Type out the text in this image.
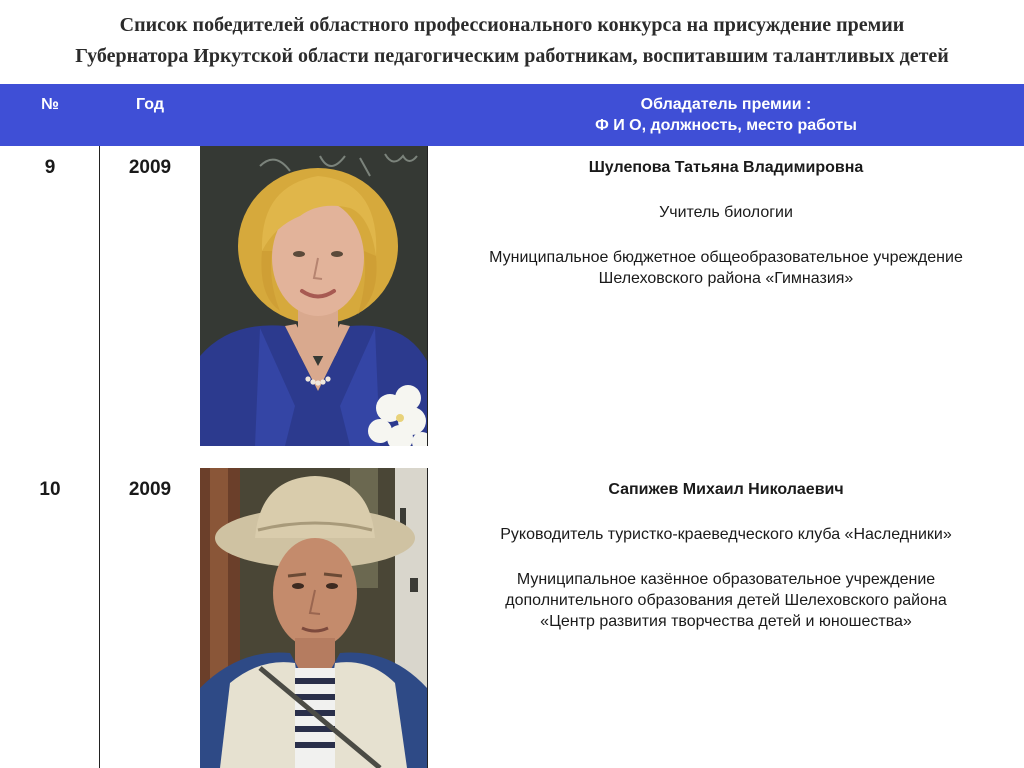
Список победителей областного профессионального конкурса на присуждение премии
Губернатора Иркутской области педагогическим работникам, воспитавшим талантливых детей
№	Год	Обладатель премии :
Ф И О, должность, место работы
9	2009	Шулепова Татьяна Владимировна
Учитель биологии
Муниципальное бюджетное общеобразовательное учреждение
Шелеховского района «Гимназия»
10	2009	Сапижев Михаил Николаевич
Руководитель туристко-краеведческого клуба «Наследники»
Муниципальное казённое образовательное учреждение
дополнительного образования детей Шелеховского района
«Центр развития творчества детей и юношества»
